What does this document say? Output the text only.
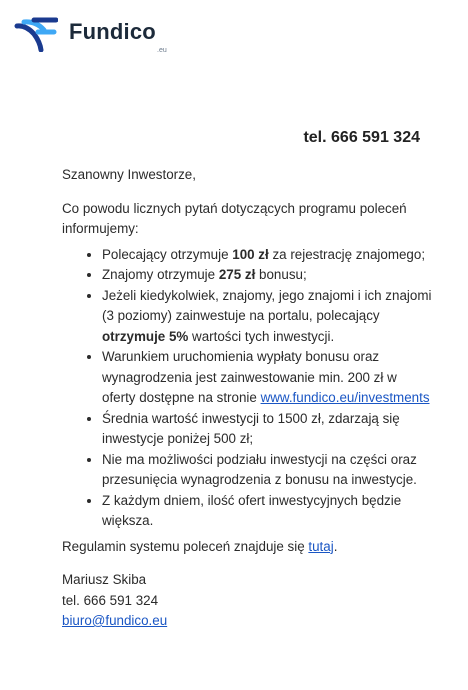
Fundico
.eu
tel. 666 591 324

Szanowny Inwestorze,

Co powodu licznych pytań dotyczących programu poleceń informujemy:

• Polecający otrzymuje 100 zł za rejestrację znajomego;
• Znajomy otrzymuje 275 zł bonusu;
• Jeżeli kiedykolwiek, znajomy, jego znajomi i ich znajomi (3 poziomy) zainwestuje na portalu, polecający otrzymuje 5% wartości tych inwestycji.
• Warunkiem uruchomienia wypłaty bonusu oraz wynagrodzenia jest zainwestowanie min. 200 zł w oferty dostępne na stronie www.fundico.eu/investments
• Średnia wartość inwestycji to 1500 zł, zdarzają się inwestycje poniżej 500 zł;
• Nie ma możliwości podziału inwestycji na części oraz przesunięcia wynagrodzenia z bonusu na inwestycje.
• Z każdym dniem, ilość ofert inwestycyjnych będzie większa.

Regulamin systemu poleceń znajduje się tutaj.

Mariusz Skiba

tel. 666 591 324

biuro@fundico.eu
